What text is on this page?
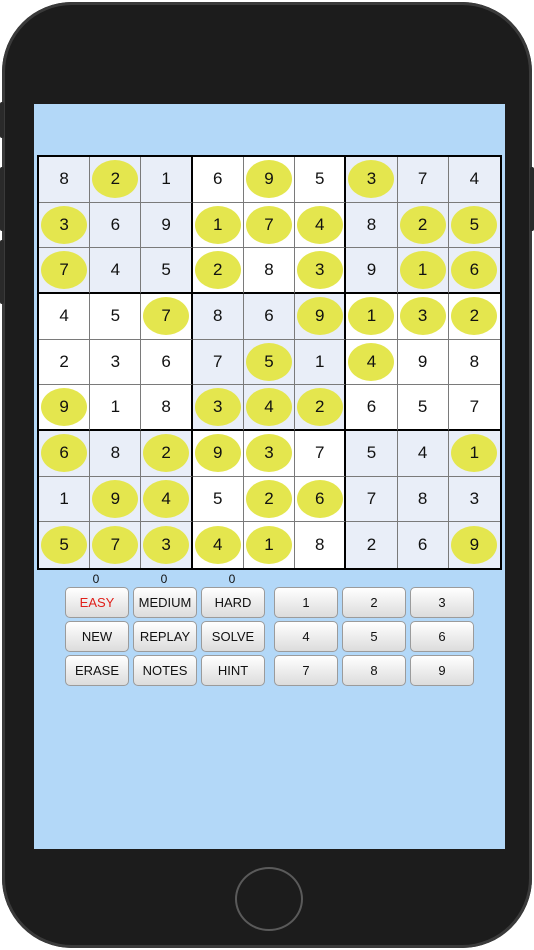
8 2 1 6 9 5 3 7 4
3 6 9 1 7 4 8 2 5
7 4 5 2 8 3 9 1 6
4 5 7 8 6 9 1 3 2
2 3 6 7 5 1 4 9 8
9 1 8 3 4 2 6 5 7
6 8 2 9 3 7 5 4 1
1 9 4 5 2 6 7 8 3
5 7 3 4 1 8 2 6 9
0	0	0
EASY	MEDIUM	HARD
NEW	REPLAY	SOLVE
ERASE	NOTES	HINT
1	2	3
4	5	6
7	8	9
